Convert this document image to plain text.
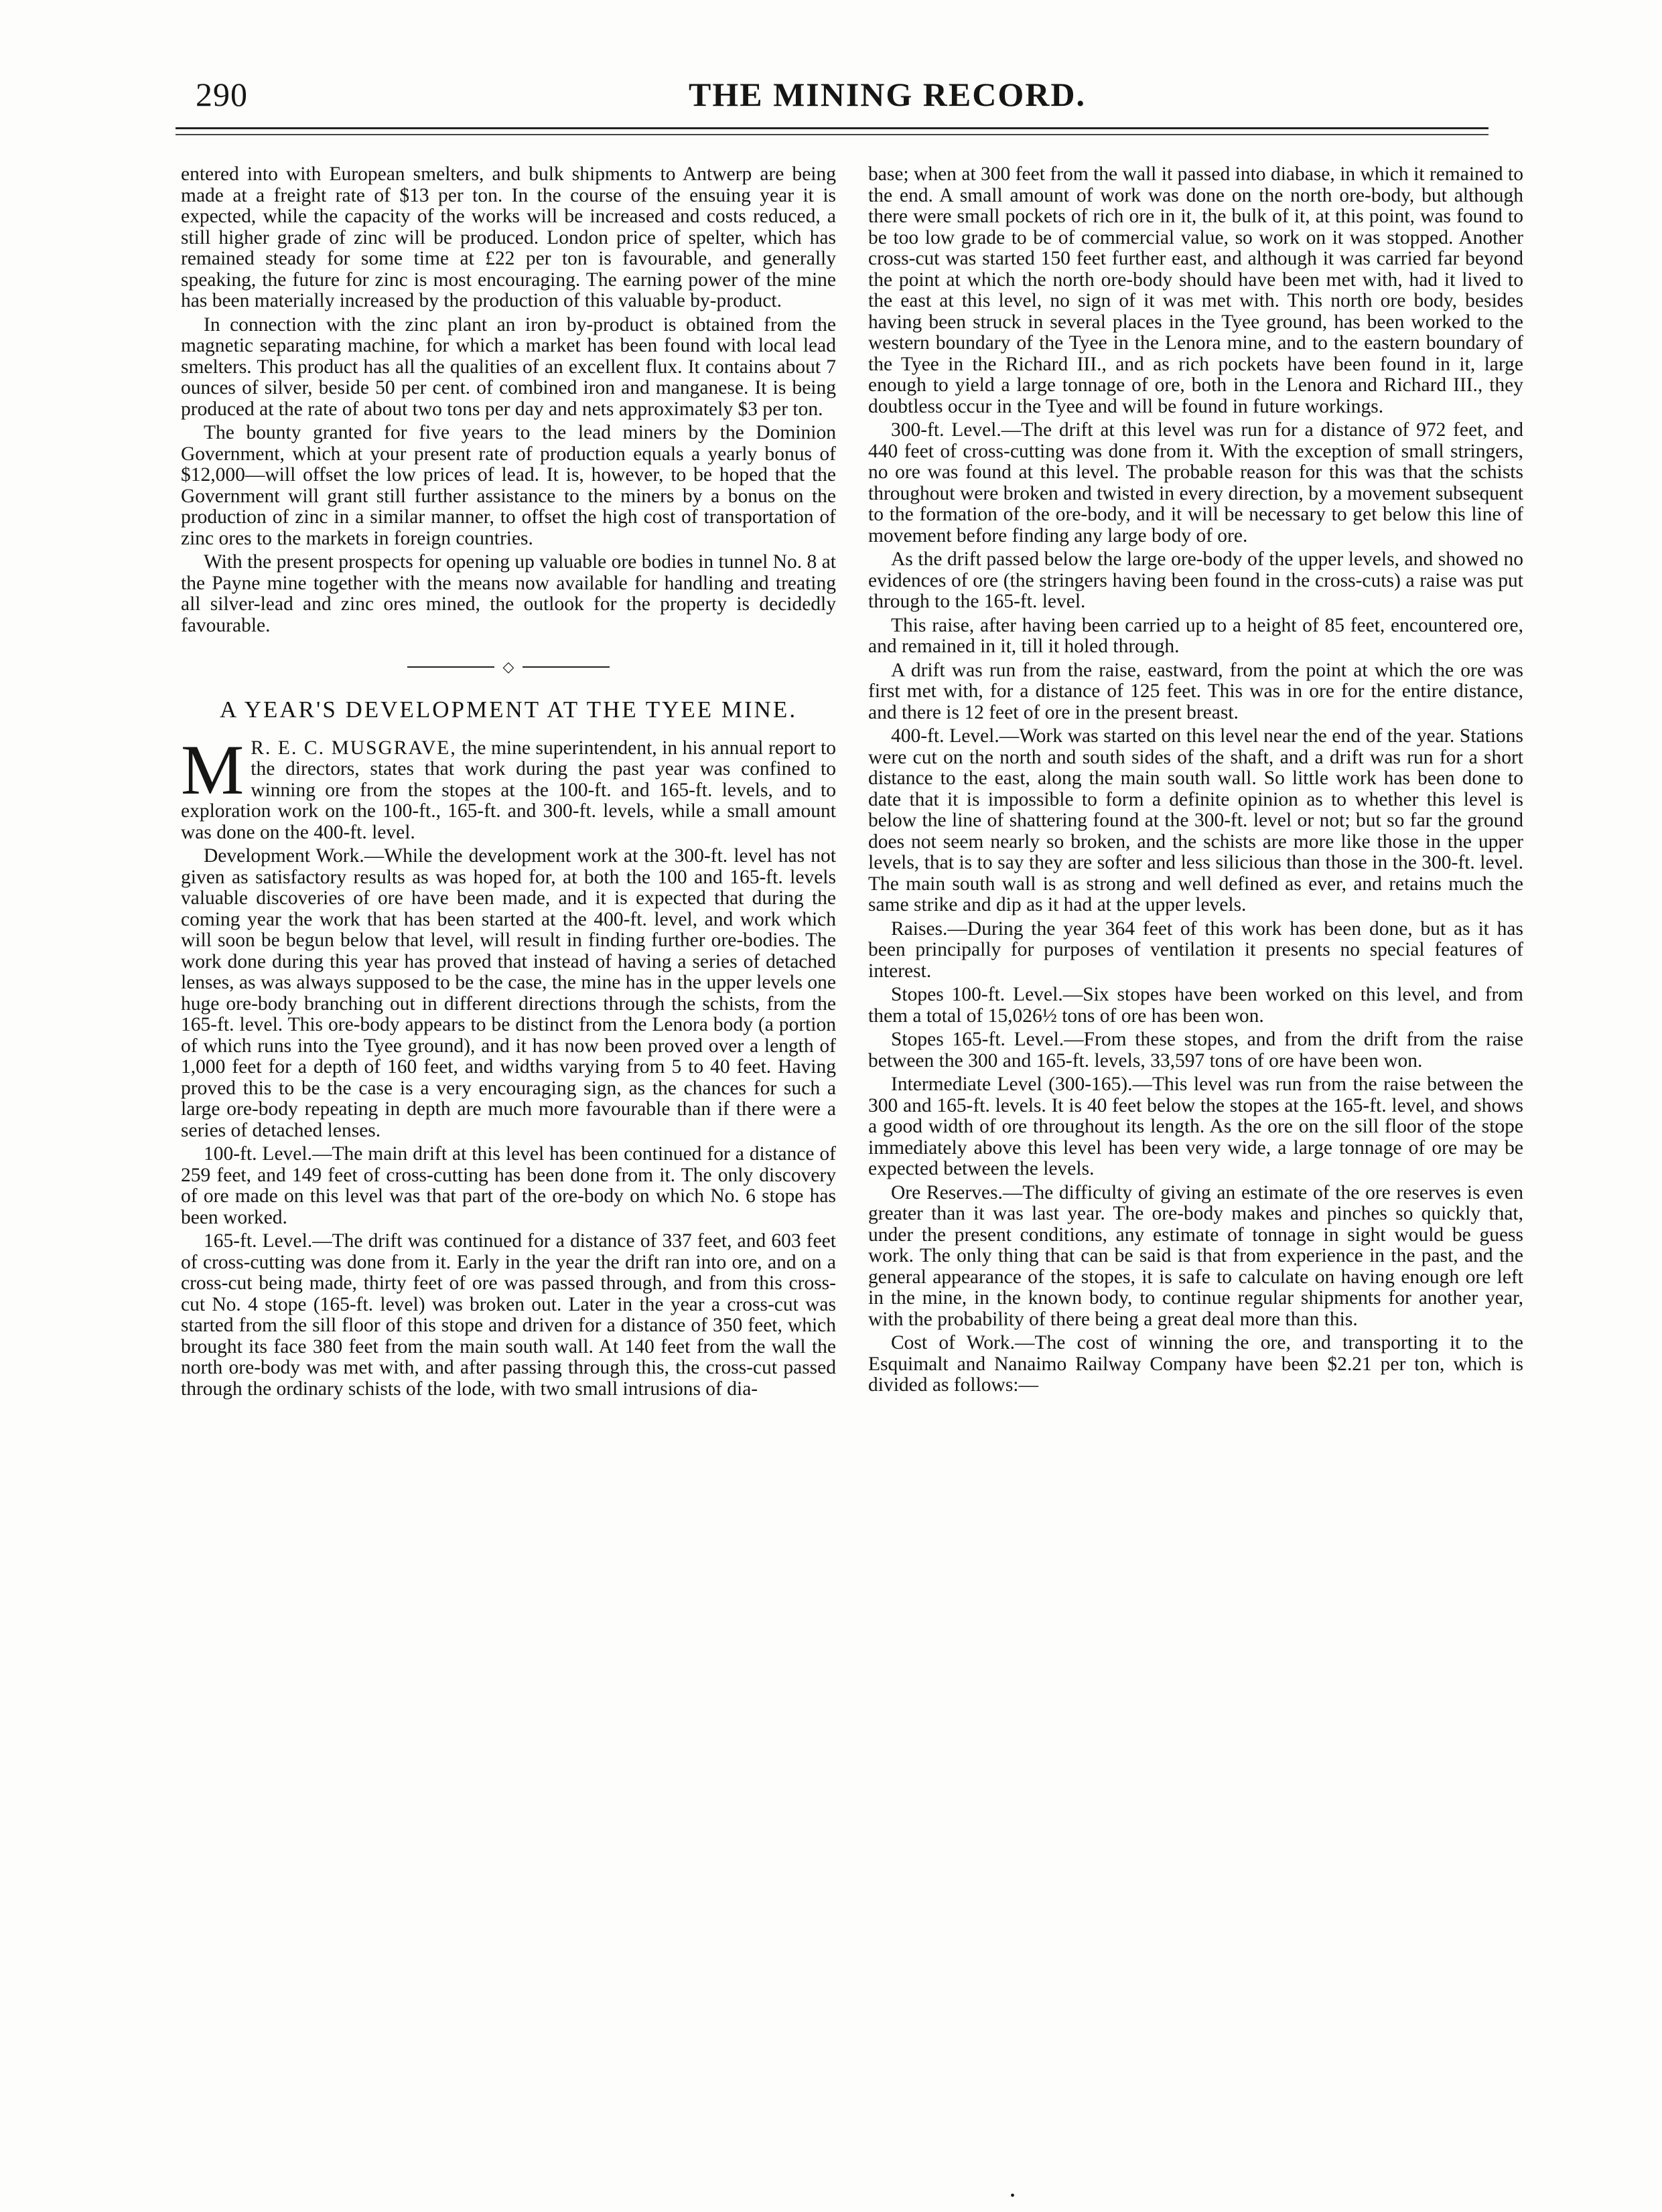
290	THE MINING RECORD.

entered into with European smelters, and bulk shipments to Antwerp are being made at a freight rate of $13 per ton. In the course of the ensuing year it is expected, while the capacity of the works will be increased and costs reduced, a still higher grade of zinc will be produced. London price of spelter, which has remained steady for some time at £22 per ton is favourable, and generally speaking, the future for zinc is most encouraging. The earning power of the mine has been materially increased by the production of this valuable by-product.

In connection with the zinc plant an iron by-product is obtained from the magnetic separating machine, for which a market has been found with local lead smelters. This product has all the qualities of an excellent flux. It contains about 7 ounces of silver, beside 50 per cent. of combined iron and manganese. It is being produced at the rate of about two tons per day and nets approximately $3 per ton.

The bounty granted for five years to the lead miners by the Dominion Government, which at your present rate of production equals a yearly bonus of $12,000—will offset the low prices of lead. It is, however, to be hoped that the Government will grant still further assistance to the miners by a bonus on the production of zinc in a similar manner, to offset the high cost of transportation of zinc ores to the markets in foreign countries.

With the present prospects for opening up valuable ore bodies in tunnel No. 8 at the Payne mine together with the means now available for handling and treating all silver-lead and zinc ores mined, the outlook for the property is decidedly favourable.

◇
A YEAR'S DEVELOPMENT AT THE TYEE MINE.

M R. E. C. MUSGRAVE, the mine superintendent, in his annual report to the directors, states that work during the past year was confined to winning ore from the stopes at the 100-ft. and 165-ft. levels, and to exploration work on the 100-ft., 165-ft. and 300-ft. levels, while a small amount was done on the 400-ft. level.

Development Work.—While the development work at the 300-ft. level has not given as satisfactory results as was hoped for, at both the 100 and 165-ft. levels valuable discoveries of ore have been made, and it is expected that during the coming year the work that has been started at the 400-ft. level, and work which will soon be begun below that level, will result in finding further ore-bodies. The work done during this year has proved that instead of having a series of detached lenses, as was always supposed to be the case, the mine has in the upper levels one huge ore-body branching out in different directions through the schists, from the 165-ft. level. This ore-body appears to be distinct from the Lenora body (a portion of which runs into the Tyee ground), and it has now been proved over a length of 1,000 feet for a depth of 160 feet, and widths varying from 5 to 40 feet. Having proved this to be the case is a very encouraging sign, as the chances for such a large ore-body repeating in depth are much more favourable than if there were a series of detached lenses.

100-ft. Level.—The main drift at this level has been continued for a distance of 259 feet, and 149 feet of cross-cutting has been done from it. The only discovery of ore made on this level was that part of the ore-body on which No. 6 stope has been worked.

165-ft. Level.—The drift was continued for a distance of 337 feet, and 603 feet of cross-cutting was done from it. Early in the year the drift ran into ore, and on a cross-cut being made, thirty feet of ore was passed through, and from this cross-cut No. 4 stope (165-ft. level) was broken out. Later in the year a cross-cut was started from the sill floor of this stope and driven for a distance of 350 feet, which brought its face 380 feet from the main south wall. At 140 feet from the wall the north ore-body was met with, and after passing through this, the cross-cut passed through the ordinary schists of the lode, with two small intrusions of dia-

base; when at 300 feet from the wall it passed into diabase, in which it remained to the end. A small amount of work was done on the north ore-body, but although there were small pockets of rich ore in it, the bulk of it, at this point, was found to be too low grade to be of commercial value, so work on it was stopped. Another cross-cut was started 150 feet further east, and although it was carried far beyond the point at which the north ore-body should have been met with, had it lived to the east at this level, no sign of it was met with. This north ore body, besides having been struck in several places in the Tyee ground, has been worked to the western boundary of the Tyee in the Lenora mine, and to the eastern boundary of the Tyee in the Richard III., and as rich pockets have been found in it, large enough to yield a large tonnage of ore, both in the Lenora and Richard III., they doubtless occur in the Tyee and will be found in future workings.

300-ft. Level.—The drift at this level was run for a distance of 972 feet, and 440 feet of cross-cutting was done from it. With the exception of small stringers, no ore was found at this level. The probable reason for this was that the schists throughout were broken and twisted in every direction, by a movement subsequent to the formation of the ore-body, and it will be necessary to get below this line of movement before finding any large body of ore.

As the drift passed below the large ore-body of the upper levels, and showed no evidences of ore (the stringers having been found in the cross-cuts) a raise was put through to the 165-ft. level.

This raise, after having been carried up to a height of 85 feet, encountered ore, and remained in it, till it holed through.

A drift was run from the raise, eastward, from the point at which the ore was first met with, for a distance of 125 feet. This was in ore for the entire distance, and there is 12 feet of ore in the present breast.

400-ft. Level.—Work was started on this level near the end of the year. Stations were cut on the north and south sides of the shaft, and a drift was run for a short distance to the east, along the main south wall. So little work has been done to date that it is impossible to form a definite opinion as to whether this level is below the line of shattering found at the 300-ft. level or not; but so far the ground does not seem nearly so broken, and the schists are more like those in the upper levels, that is to say they are softer and less silicious than those in the 300-ft. level. The main south wall is as strong and well defined as ever, and retains much the same strike and dip as it had at the upper levels.

Raises.—During the year 364 feet of this work has been done, but as it has been principally for purposes of ventilation it presents no special features of interest.

Stopes 100-ft. Level.—Six stopes have been worked on this level, and from them a total of 15,026½ tons of ore has been won.

Stopes 165-ft. Level.—From these stopes, and from the drift from the raise between the 300 and 165-ft. levels, 33,597 tons of ore have been won.

Intermediate Level (300-165).—This level was run from the raise between the 300 and 165-ft. levels. It is 40 feet below the stopes at the 165-ft. level, and shows a good width of ore throughout its length. As the ore on the sill floor of the stope immediately above this level has been very wide, a large tonnage of ore may be expected between the levels.

Ore Reserves.—The difficulty of giving an estimate of the ore reserves is even greater than it was last year. The ore-body makes and pinches so quickly that, under the present conditions, any estimate of tonnage in sight would be guess work. The only thing that can be said is that from experience in the past, and the general appearance of the stopes, it is safe to calculate on having enough ore left in the mine, in the known body, to continue regular shipments for another year, with the probability of there being a great deal more than this.

Cost of Work.—The cost of winning the ore, and transporting it to the Esquimalt and Nanaimo Railway Company have been $2.21 per ton, which is divided as follows:—

•
